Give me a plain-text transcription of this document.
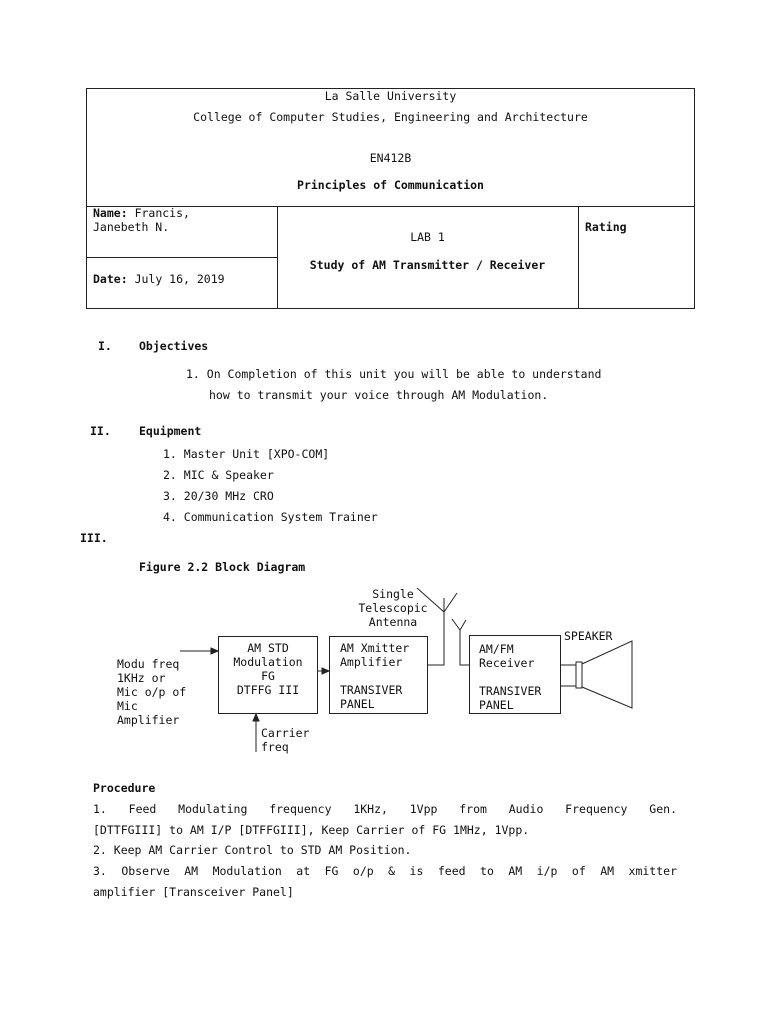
La Salle University
College of Computer Studies, Engineering and Architecture
EN412B
Principles of Communication
Name: Francis,
Janebeth N.
Date: July 16, 2019
LAB 1
Study of AM Transmitter / Receiver
Rating
I. Objectives
1. On Completion of this unit you will be able to understand
how to transmit your voice through AM Modulation.
II. Equipment
1. Master Unit [XPO-COM]
2. MIC & Speaker
3. 20/30 MHz CRO
4. Communication System Trainer
III.
Figure 2.2 Block Diagram
Modu freq
1KHz or
Mic o/p of
Mic
Amplifier
Carrier
freq
Single
Telescopic
Antenna
SPEAKER
AM STD
Modulation
FG
DTFFG III
AM Xmitter
Amplifier

TRANSIVER
PANEL
AM/FM
Receiver

TRANSIVER
PANEL
Procedure
1. Feed Modulating frequency 1KHz, 1Vpp from Audio Frequency Gen.
[DTTFGIII] to AM I/P [DTFFGIII], Keep Carrier of FG 1MHz, 1Vpp.
2. Keep AM Carrier Control to STD AM Position.
3. Observe AM Modulation at FG o/p & is feed to AM i/p of AM xmitter
amplifier [Transceiver Panel]
